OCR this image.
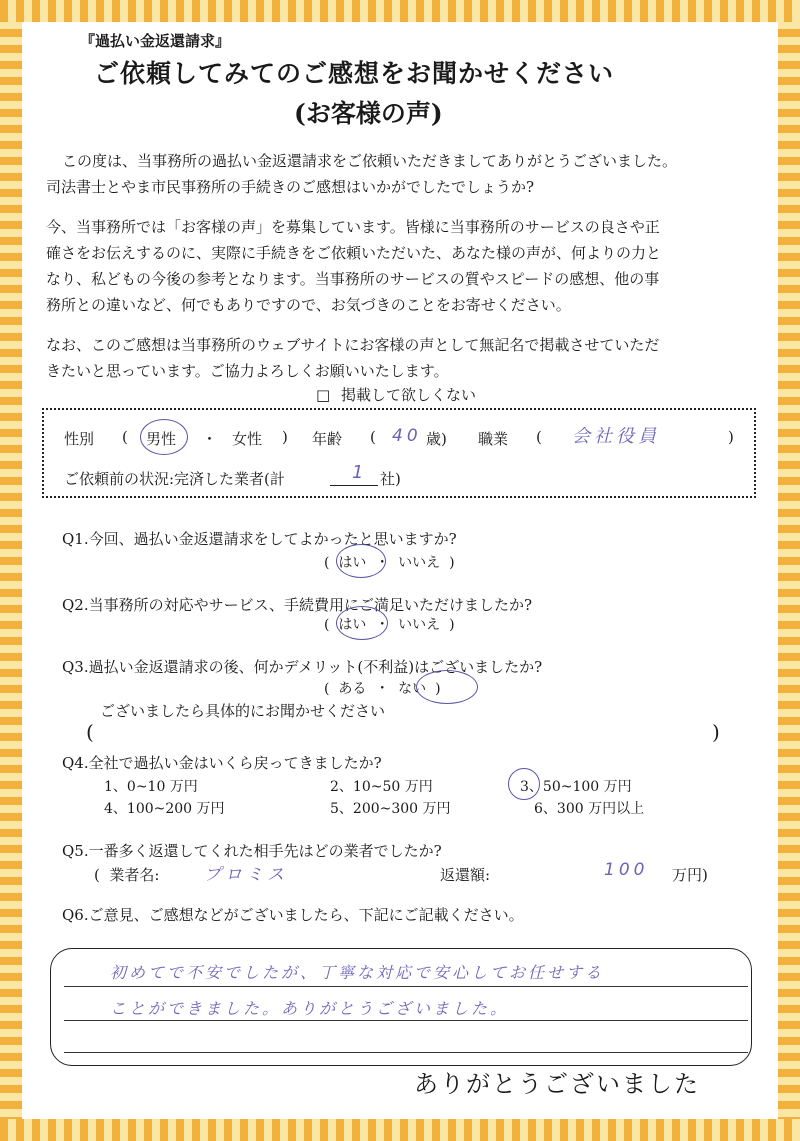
『過払い金返還請求』
ご依頼してみてのご感想をお聞かせください
(お客様の声)
この度は、当事務所の過払い金返還請求をご依頼いただきましてありがとうございました。
司法書士とやま市民事務所の手続きのご感想はいかがでしたでしょうか?
今、当事務所では「お客様の声」を募集しています。皆様に当事務所のサービスの良さや正
確さをお伝えするのに、実際に手続きをご依頼いただいた、あなた様の声が、何よりの力と
なり、私どもの今後の参考となります。当事務所のサービスの質やスピードの感想、他の事
務所との違いなど、何でもありですので、お気づきのことをお寄せください。
なお、このご感想は当事務所のウェブサイトにお客様の声として無記名で掲載させていただ
きたいと思っています。ご協力よろしくお願いいたします。
□ 掲載して欲しくない
性別 ( 男性 ・ 女性 ) 年齢 ( 40 歳) 職業 ( 会社役員	)
ご依頼前の状況:完済した業者(計	1 社)
Q1.今回、過払い金返還請求をしてよかったと思いますか?
(  はい  ・  いいえ  )
Q2.当事務所の対応やサービス、手続費用にご満足いただけましたか?
(  はい  ・  いいえ  )
Q3.過払い金返還請求の後、何かデメリット(不利益)はございましたか?
(  ある  ・  ない  )
ございましたら具体的にお聞かせください
(	)
Q4.全社で過払い金はいくら戻ってきましたか?
1、0~10 万円	2、10~50 万円	3、50~100 万円
4、100~200 万円	5、200~300 万円	6、300 万円以上
Q5.一番多く返還してくれた相手先はどの業者でしたか?
(  業者名:	プロミス	返還額:	100 万円)
Q6.ご意見、ご感想などがございましたら、下記にご記載ください。
初めてで不安でしたが、丁寧な対応で安心してお任せする
ことができました。ありがとうございました。
ありがとうございました
